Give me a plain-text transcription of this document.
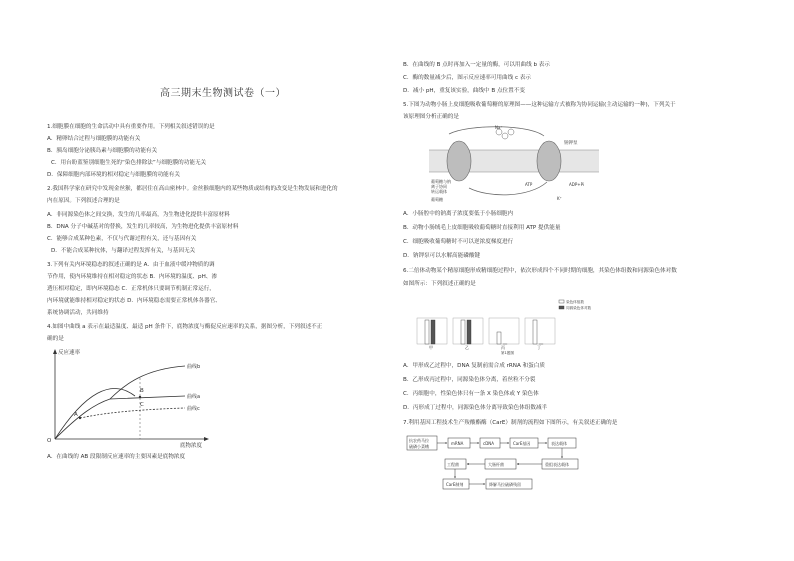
高三期末生物测试卷（一）
1.细胞膜在细胞的生命活动中具有重要作用。下列相关叙述错误的是
A．精卵结合过程与细胞膜的功能有关
B．胰岛细胞分泌胰岛素与细胞膜的功能有关
C．用台盼蓝鉴别细胞生死的“染色排除法”与细胞膜的功能无关
D．保障细胞内部环境的相对稳定与细胞膜的功能有关
2.我国科学家在研究中发现金丝猴，都居住在高山密林中。金丝猴细胞内的某些物质或结构的改变是生物发展和进化的
内在原因。下列叙述合理的是
A．非同源染色体之间交换，发生的几率最高，为生物进化提供丰富原材料
B．DNA 分子中碱基对的替换，发生的几率较高，为生物进化提供丰富原材料
C．能够合成某种色素，不仅与代谢过程有关，还与基因有关
D．不能合成某种抗体，与翻译过程发挥有关，与基因无关
3.下列有关内环境稳态的叙述正确的是 A．由于血液中缓冲物质的调
节作用，使内环境维持在相对稳定的状态 B．内环境的温度、pH、渗
透压相对稳定，即内环境稳态 C．正常机体只要调节机制正常运行，
内环境就能维持相对稳定的状态 D．内环境稳态需要正常机体各器官、
系统协调活动，共同维持
4.如图中曲线 a 表示在最适温度、最适 pH 条件下，底物浓度与酶促反应速率的关系，据图分析，下列叙述不正
确的是
反应速率
底物浓度
O
A
B
C
曲线b
曲线a
曲线c
A．在曲线的 AB 段限制反应速率的主要因素是底物浓度
B．在曲线的 B 点时再加入一定量的酶，可以用曲线 b 表示
C．酶的数量减少后，图示反应速率可用曲线 c 表示
D．减小 pH，重复该实验，曲线中 B 点位置不变
5.下图为动物小肠上皮细胞吸收葡萄糖的原理图——这种运输方式被称为协同运输(主动运输的一种)，下列关于
该原理图分析正确的是
Na⁺
钠钾泵
葡萄糖与钠
离子协同
转运载体
葡萄糖
ATP	ADP+Pi
K⁺
A．小肠腔中的钠离子浓度要低于小肠细胞内
B．动物小肠绒毛上皮细胞吸收葡萄糖时直接利用 ATP 提供能量
C．细胞吸收葡萄糖时不可以逆浓度梯度进行
D．钠钾泵可以水解高能磷酸键
6.二倍体动物某个精原细胞形成精细胞过程中，依次形成四个不同时期的细胞，其染色体组数和同源染色体对数
如图所示：下列叙述正确的是
染色体组数
同源染色体对数
甲	乙	丙	丁
第1题图
A．甲形成乙过程中，DNA 复制前需合成 rRNA 和蛋白质
B．乙形成丙过程中，同源染色体分离，着丝粒不分裂
C．丙细胞中，性染色体只有一条 X 染色体或 Y 染色体
D．丙形成丁过程中，同源染色体分离导致染色体组数减半
7.利用基因工程技术生产羧酸酯酶（CarE）制剂的流程如下图所示，有关叙述正确的是
抗农药马拉
硫磷小菜蛾
mRNA	cDNA	CarE基因	表达载体
重组表达载体
大肠杆菌
工程菌
CarE制剂	降解马拉硫磷残留
